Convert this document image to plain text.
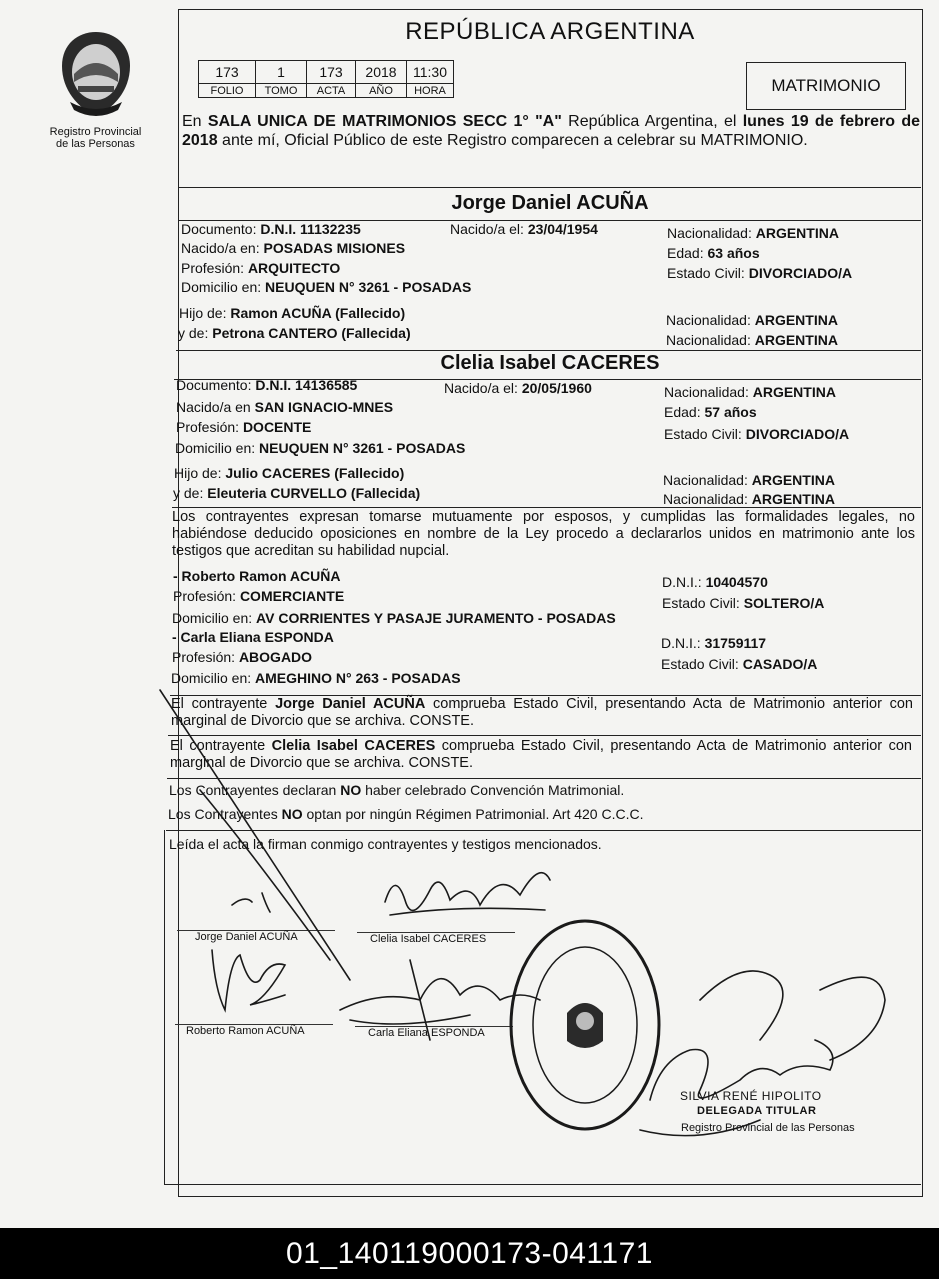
Registro Provincial
de las Personas
REPÚBLICA ARGENTINA
173	1	173	2018	11:30
FOLIO	TOMO	ACTA	AÑO	HORA	MATRIMONIO
En SALA UNICA DE MATRIMONIOS SECC 1° "A" República Argentina, el lunes 19 de febrero de 2018 ante mí, Oficial Público de este Registro comparecen a celebrar su MATRIMONIO.
Jorge Daniel ACUÑA
Documento: D.N.I. 11132235	Nacido/a el: 23/04/1954
Nacido/a en: POSADAS MISIONES
Profesión: ARQUITECTO
Domicilio en: NEUQUEN N° 3261 - POSADAS
Nacionalidad: ARGENTINA
Edad: 63 años
Estado Civil: DIVORCIADO/A
Hijo de: Ramon ACUÑA (Fallecido)
y de: Petrona CANTERO (Fallecida)
Nacionalidad: ARGENTINA
Nacionalidad: ARGENTINA
Clelia Isabel CACERES
Documento: D.N.I. 14136585	Nacido/a el: 20/05/1960
Nacido/a en SAN IGNACIO-MNES
Profesión: DOCENTE
Domicilio en: NEUQUEN N° 3261 - POSADAS
Nacionalidad: ARGENTINA
Edad: 57 años
Estado Civil: DIVORCIADO/A
Hijo de: Julio CACERES (Fallecido)
y de: Eleuteria CURVELLO (Fallecida)
Nacionalidad: ARGENTINA
Nacionalidad: ARGENTINA
Los contrayentes expresan tomarse mutuamente por esposos, y cumplidas las formalidades legales, no habiéndose deducido oposiciones en nombre de la Ley procedo a declararlos unidos en matrimonio ante los testigos que acreditan su habilidad nupcial.
- Roberto Ramon ACUÑA
Profesión: COMERCIANTE
Domicilio en: AV CORRIENTES Y PASAJE JURAMENTO - POSADAS
D.N.I.: 10404570
Estado Civil: SOLTERO/A
- Carla Eliana ESPONDA
Profesión: ABOGADO
Domicilio en: AMEGHINO N° 263 - POSADAS
D.N.I.: 31759117
Estado Civil: CASADO/A
El contrayente Jorge Daniel ACUÑA comprueba Estado Civil, presentando Acta de Matrimonio anterior con marginal de Divorcio que se archiva. CONSTE.
El contrayente Clelia Isabel CACERES comprueba Estado Civil, presentando Acta de Matrimonio anterior con marginal de Divorcio que se archiva. CONSTE.
Los Contrayentes declaran NO haber celebrado Convención Matrimonial.
Los Contrayentes NO optan por ningún Régimen Patrimonial. Art 420 C.C.C.
Leída el acta la firman conmigo contrayentes y testigos mencionados.
Jorge Daniel ACUÑA	Clelia Isabel CACERES
Roberto Ramon ACUÑA	Carla Eliana ESPONDA
SILVIA RENÉ HIPOLITO
DELEGADA TITULAR
Registro Provincial de las Personas
01_140119000173-041171
